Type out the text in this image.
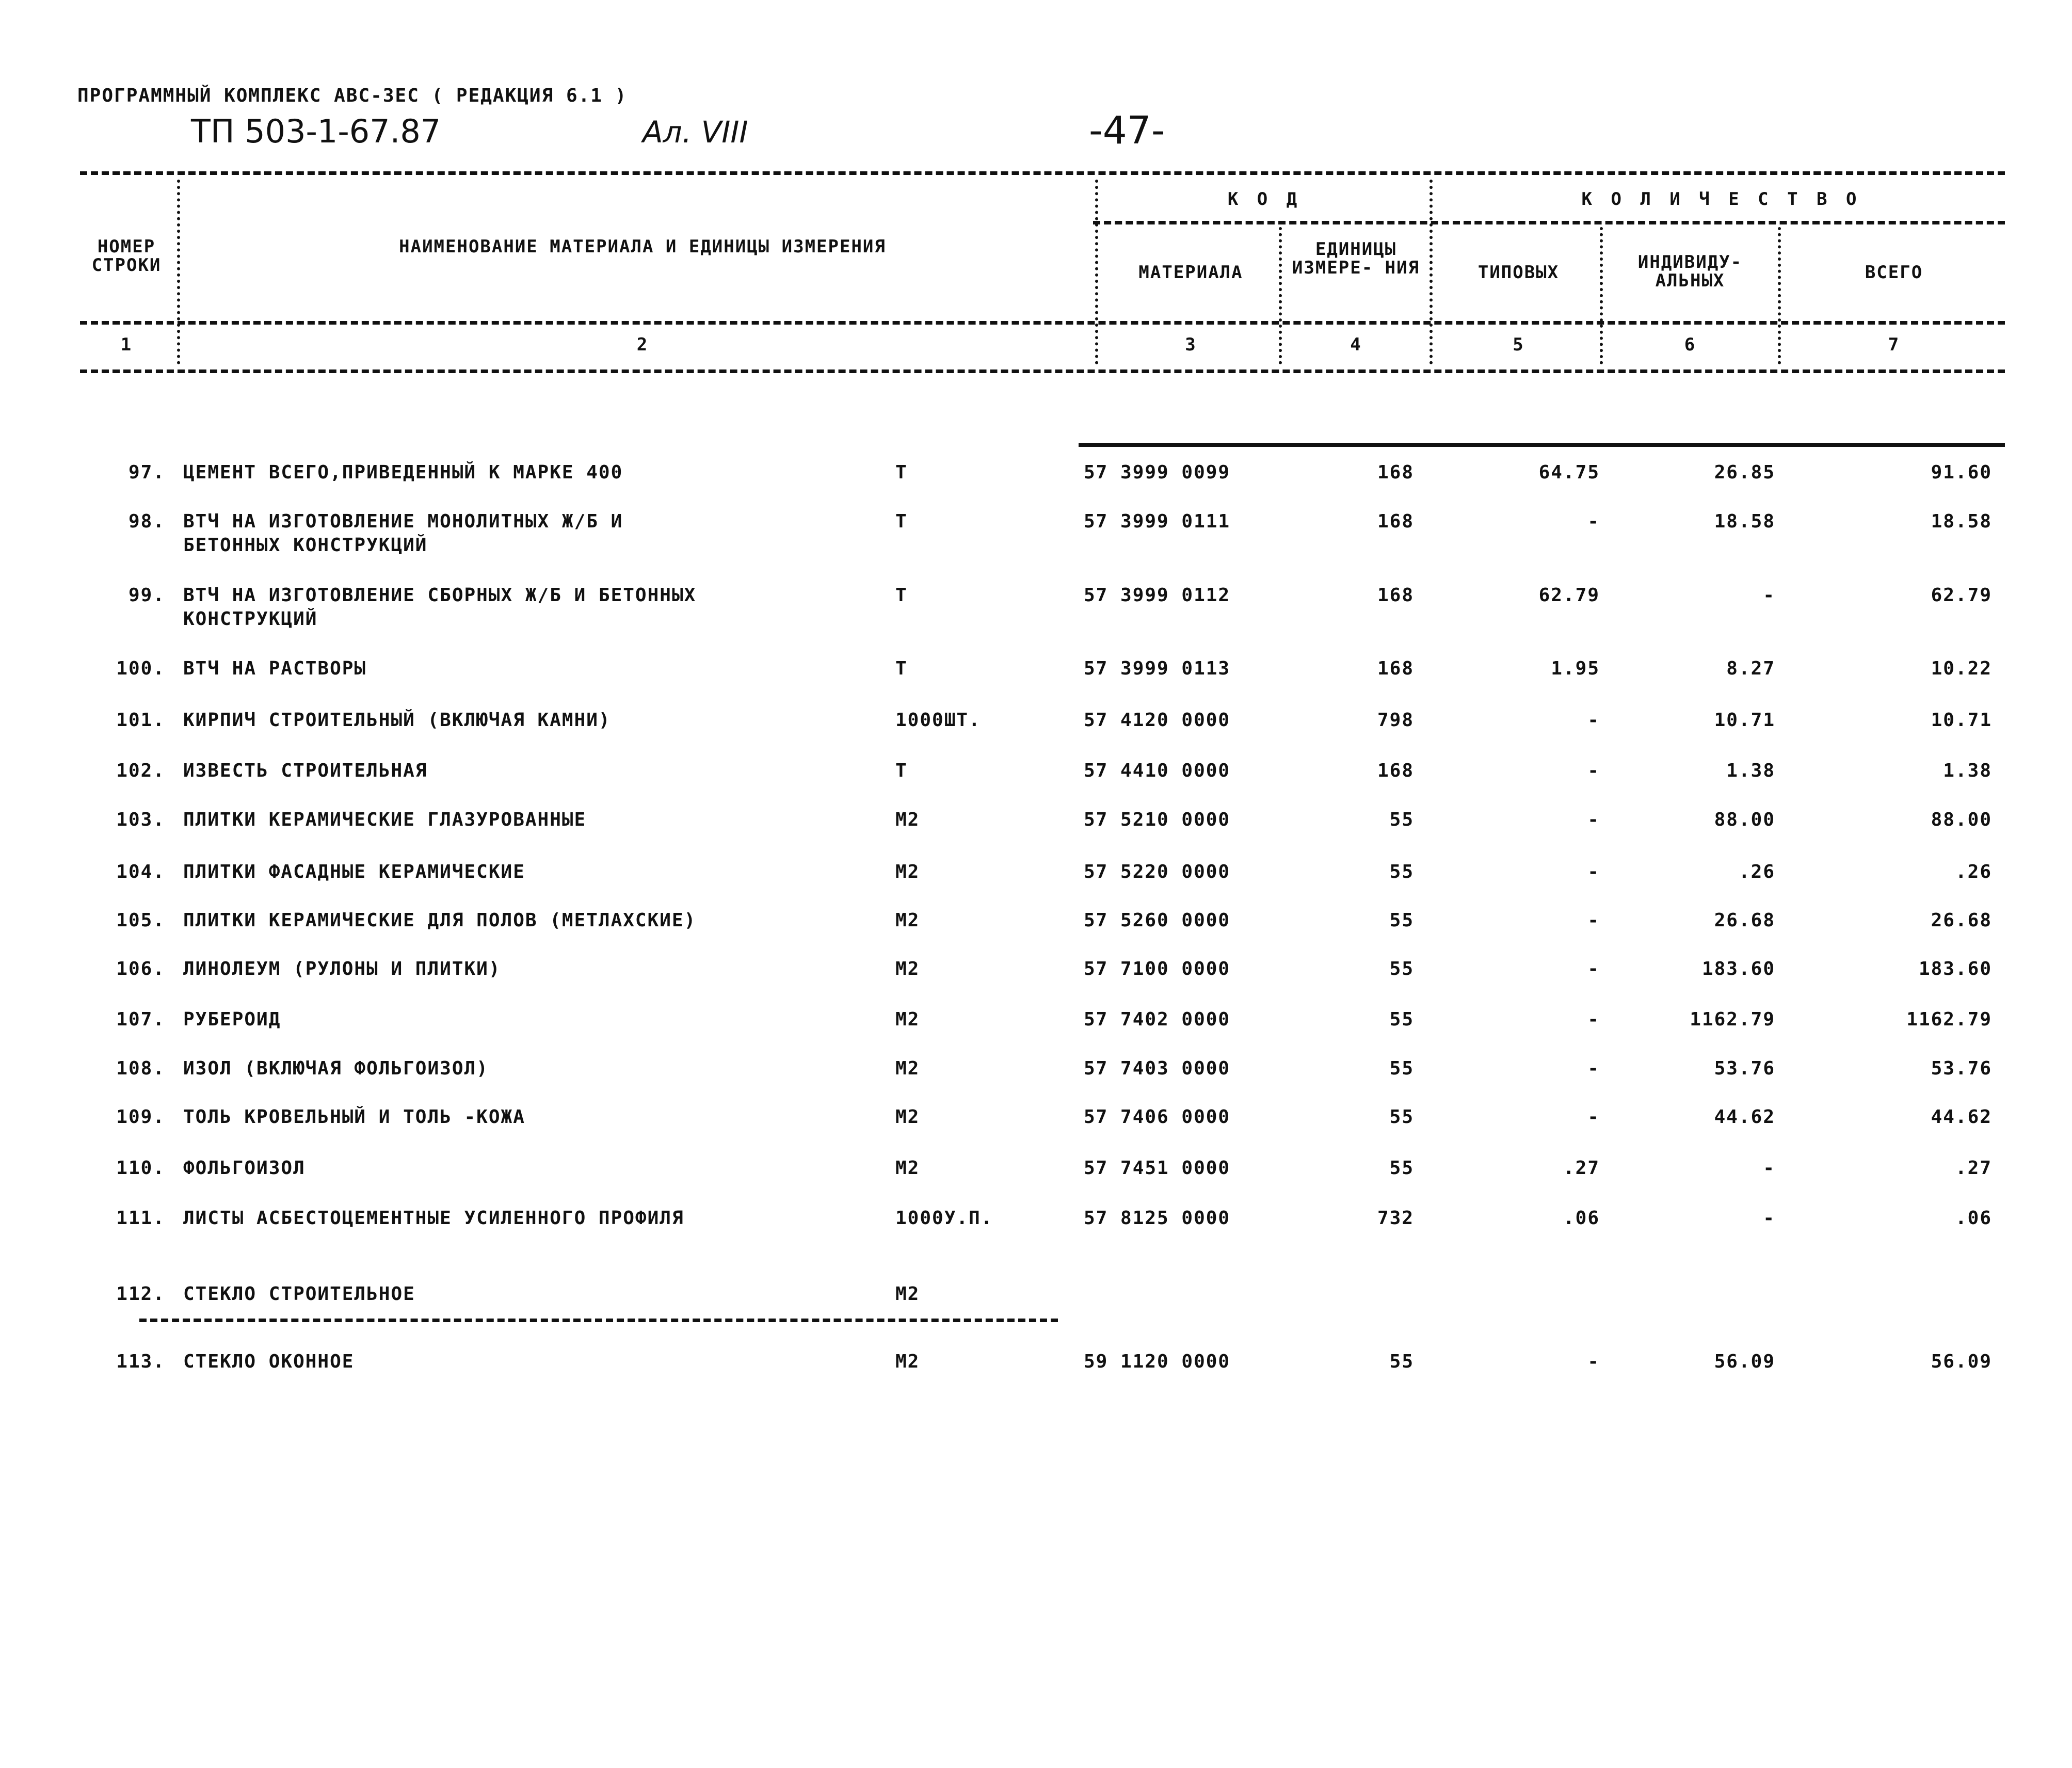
ПРОГРАММНЫЙ КОМПЛЕКС АВС-3ЕС ( РЕДАКЦИЯ 6.1 )
ТП 503-1-67.87	Ал. VIII	-47-
НОМЕР СТРОКИ
НАИМЕНОВАНИЕ МАТЕРИАЛА И ЕДИНИЦЫ ИЗМЕРЕНИЯ
К О Д
МАТЕРИАЛА
ЕДИНИЦЫ ИЗМЕРЕ- НИЯ
К О Л И Ч Е С Т В О
ТИПОВЫХ	ИНДИВИДУ- АЛЬНЫХ	ВСЕГО
1	2	3	4	5	6	7
97. ЦЕМЕНТ ВСЕГО,ПРИВЕДЕННЫЙ К МАРКЕ 400	Т	57 3999 0099	168	64.75	26.85	91.60
98. ВТЧ НА ИЗГОТОВЛЕНИЕ МОНОЛИТНЫХ Ж/Б И	Т	57 3999 0111	168	-	18.58	18.58
БЕТОННЫХ КОНСТРУКЦИЙ
99. ВТЧ НА ИЗГОТОВЛЕНИЕ СБОРНЫХ Ж/Б И БЕТОННЫХ	Т	57 3999 0112	168	62.79	-	62.79
КОНСТРУКЦИЙ
100. ВТЧ НА РАСТВОРЫ	Т	57 3999 0113	168	1.95	8.27	10.22
101. КИРПИЧ СТРОИТЕЛЬНЫЙ (ВКЛЮЧАЯ КАМНИ)	1000ШТ.	57 4120 0000	798	-	10.71	10.71
102. ИЗВЕСТЬ СТРОИТЕЛЬНАЯ	Т	57 4410 0000	168	-	1.38	1.38
103. ПЛИТКИ КЕРАМИЧЕСКИЕ ГЛАЗУРОВАННЫЕ	М2	57 5210 0000	55	-	88.00	88.00
104. ПЛИТКИ ФАСАДНЫЕ КЕРАМИЧЕСКИЕ	М2	57 5220 0000	55	-	.26	.26
105. ПЛИТКИ КЕРАМИЧЕСКИЕ ДЛЯ ПОЛОВ (МЕТЛАХСКИЕ)	М2	57 5260 0000	55	-	26.68	26.68
106. ЛИНОЛЕУМ (РУЛОНЫ И ПЛИТКИ)	М2	57 7100 0000	55	-	183.60	183.60
107. РУБЕРОИД	М2	57 7402 0000	55	-	1162.79	1162.79
108. ИЗОЛ (ВКЛЮЧАЯ ФОЛЬГОИЗОЛ)	М2	57 7403 0000	55	-	53.76	53.76
109. ТОЛЬ КРОВЕЛЬНЫЙ И ТОЛЬ -КОЖА	М2	57 7406 0000	55	-	44.62	44.62
110. ФОЛЬГОИЗОЛ	М2	57 7451 0000	55	.27	-	.27
111. ЛИСТЫ АСБЕСТОЦЕМЕНТНЫЕ УСИЛЕННОГО ПРОФИЛЯ	1000У.П.	57 8125 0000	732	.06	-	.06
112. СТЕКЛО СТРОИТЕЛЬНОЕ	М2
113. СТЕКЛО ОКОННОЕ	М2	59 1120 0000	55	-	56.09	56.09
